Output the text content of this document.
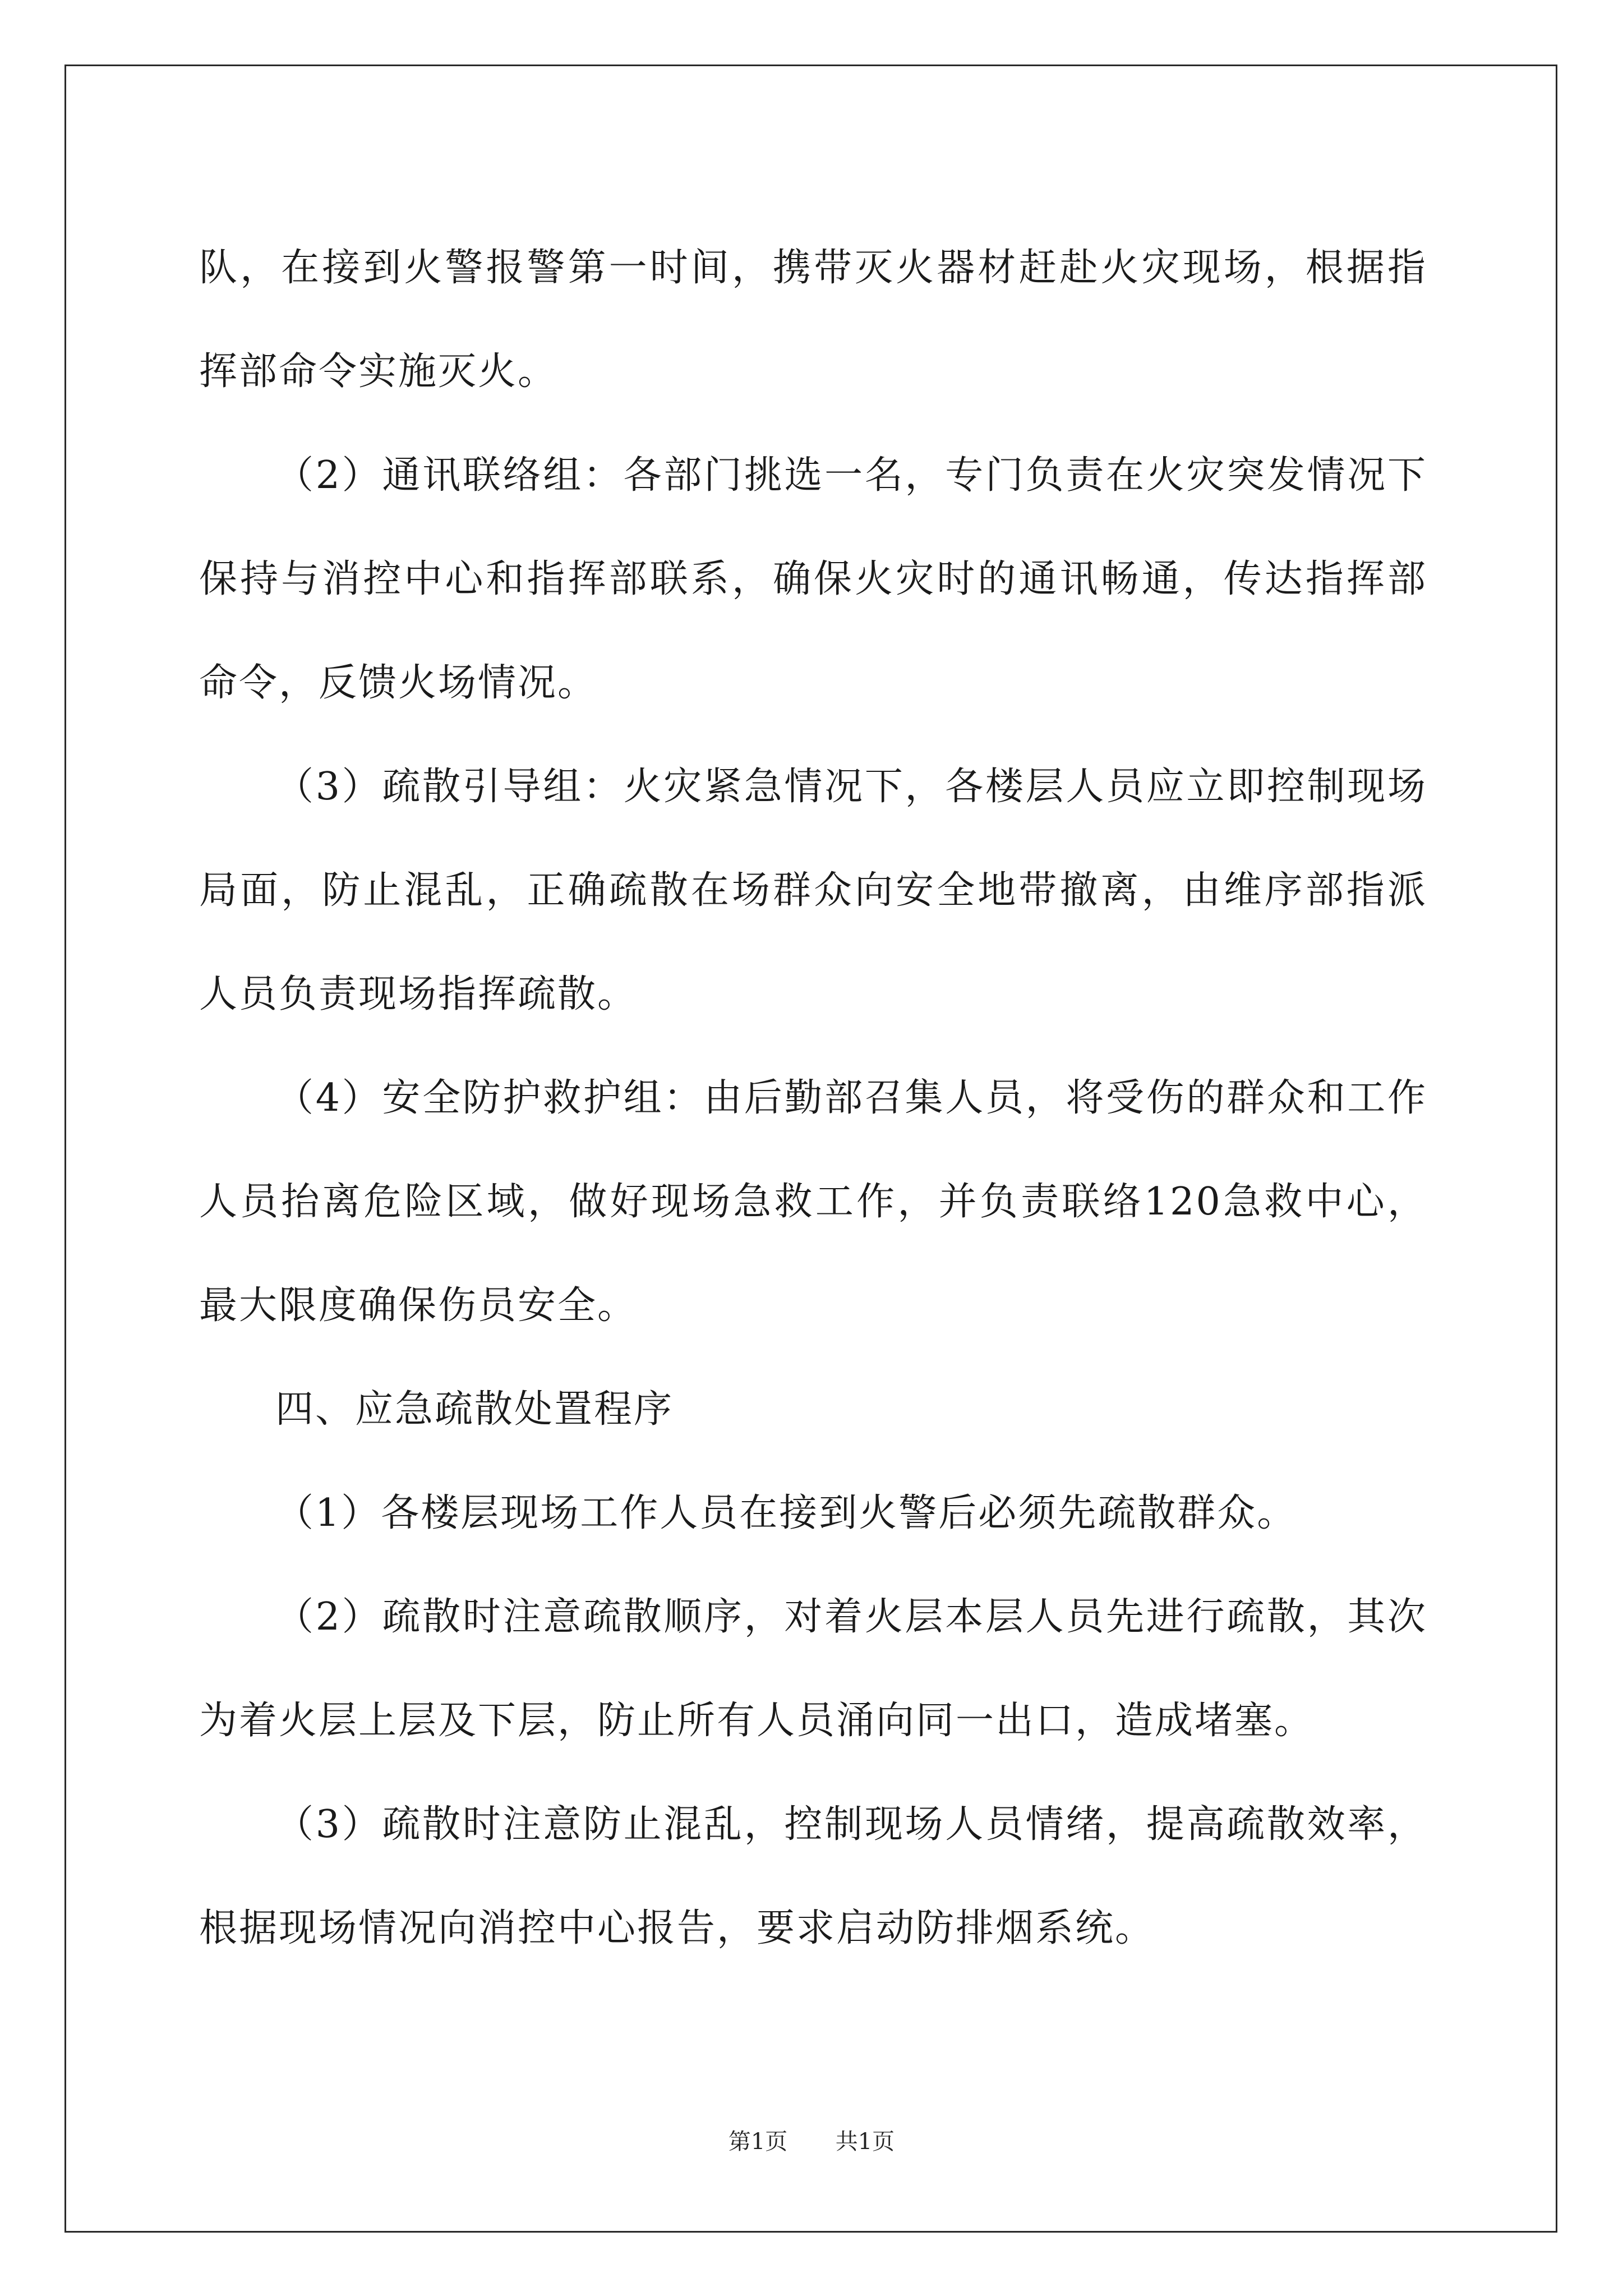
队，在接到火警报警第一时间，携带灭火器材赶赴火灾现场，根据指挥部命令实施灭火。

（2）通讯联络组：各部门挑选一名，专门负责在火灾突发情况下保持与消控中心和指挥部联系，确保火灾时的通讯畅通，传达指挥部命令，反馈火场情况。

（3）疏散引导组：火灾紧急情况下，各楼层人员应立即控制现场局面，防止混乱，正确疏散在场群众向安全地带撤离，由维序部指派人员负责现场指挥疏散。

（4）安全防护救护组：由后勤部召集人员，将受伤的群众和工作人员抬离危险区域，做好现场急救工作，并负责联络120急救中心，最大限度确保伤员安全。

四、应急疏散处置程序

（1）各楼层现场工作人员在接到火警后必须先疏散群众。

（2）疏散时注意疏散顺序，对着火层本层人员先进行疏散，其次为着火层上层及下层，防止所有人员涌向同一出口，造成堵塞。

（3）疏散时注意防止混乱，控制现场人员情绪，提高疏散效率，根据现场情况向消控中心报告，要求启动防排烟系统。

第1页 共1页
